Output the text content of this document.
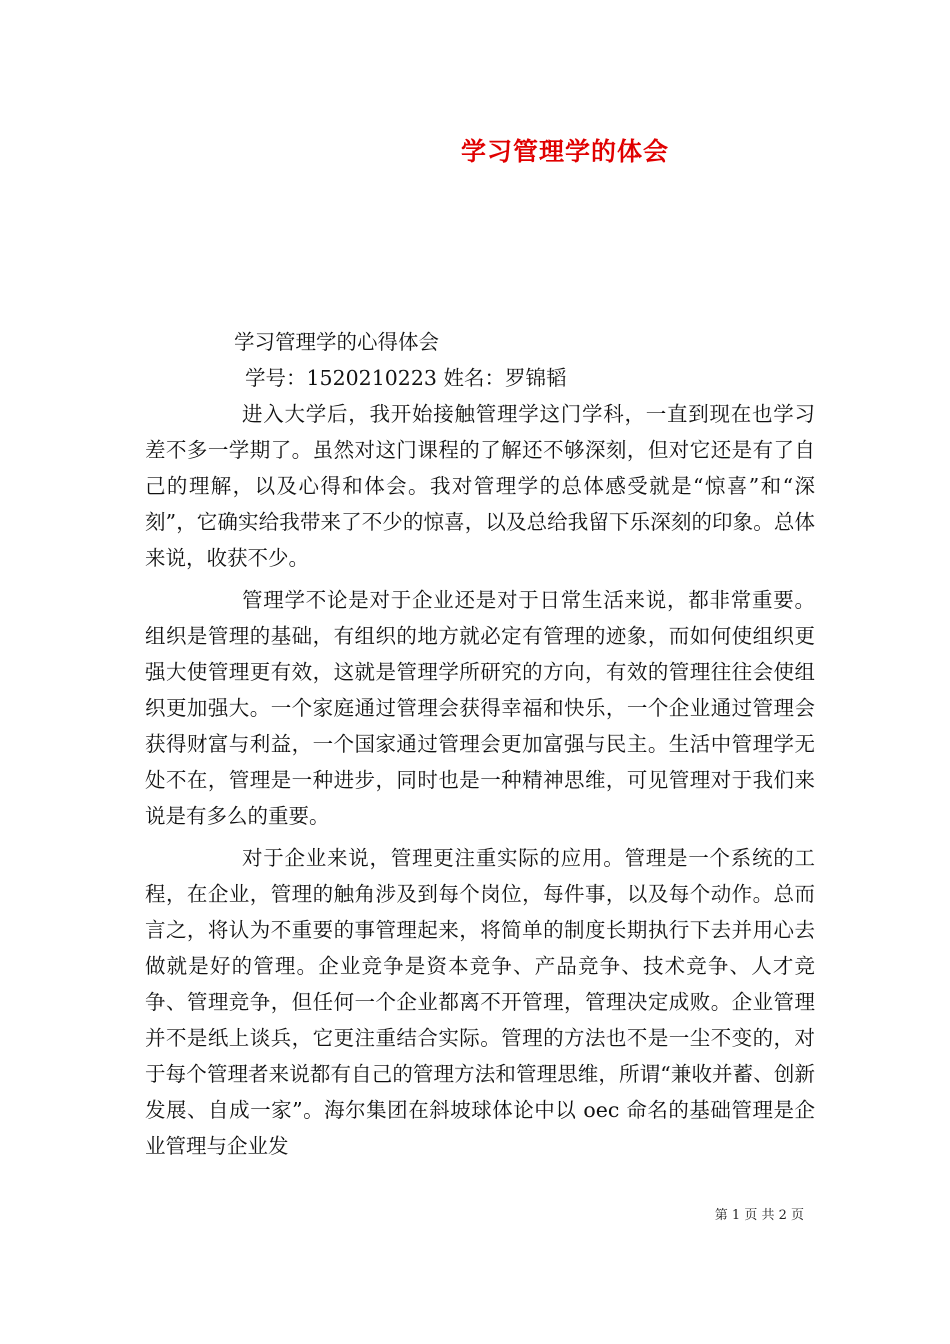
学习管理学的体会

学习管理学的心得体会

学号：1520210223 姓名：罗锦韬

进入大学后，我开始接触管理学这门学科，一直到现在也学习差不多一学期了。虽然对这门课程的了解还不够深刻，但对它还是有了自己的理解，以及心得和体会。我对管理学的总体感受就是“惊喜”和“深刻”，它确实给我带来了不少的惊喜，以及总给我留下乐深刻的印象。总体来说，收获不少。

管理学不论是对于企业还是对于日常生活来说，都非常重要。组织是管理的基础，有组织的地方就必定有管理的迹象，而如何使组织更强大使管理更有效，这就是管理学所研究的方向，有效的管理往往会使组织更加强大。一个家庭通过管理会获得幸福和快乐，一个企业通过管理会获得财富与利益，一个国家通过管理会更加富强与民主。生活中管理学无处不在，管理是一种进步，同时也是一种精神思维，可见管理对于我们来说是有多么的重要。

对于企业来说，管理更注重实际的应用。管理是一个系统的工程，在企业，管理的触角涉及到每个岗位，每件事，以及每个动作。总而言之，将认为不重要的事管理起来，将简单的制度长期执行下去并用心去做就是好的管理。企业竞争是资本竞争、产品竞争、技术竞争、人才竞争、管理竞争，但任何一个企业都离不开管理，管理决定成败。企业管理并不是纸上谈兵，它更注重结合实际。管理的方法也不是一尘不变的，对于每个管理者来说都有自己的管理方法和管理思维，所谓“兼收并蓄、创新发展、自成一家”。海尔集团在斜坡球体论中以 oec 命名的基础管理是企业管理与企业发

第 1 页 共 2 页
